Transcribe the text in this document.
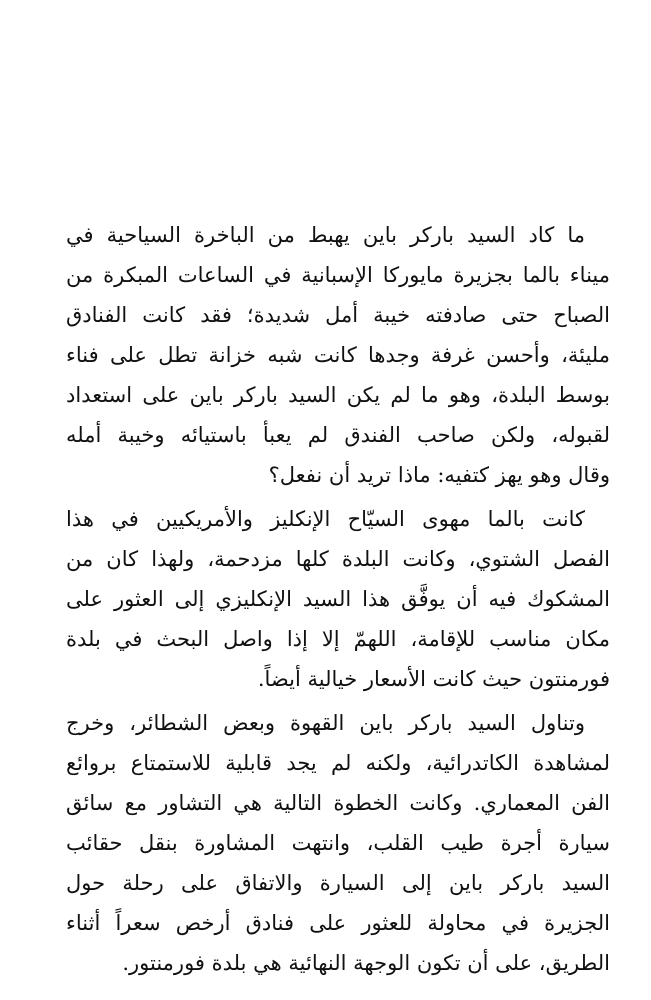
ما كاد السيد باركر باين يهبط من الباخرة السياحية في
ميناء بالما بجزيرة مايوركا الإسبانية في الساعات المبكرة من
الصباح حتى صادفته خيبة أمل شديدة؛ فقد كانت الفنادق
مليئة، وأحسن غرفة وجدها كانت شبه خزانة تطل على فناء
بوسط البلدة، وهو ما لم يكن السيد باركر باين على استعداد
لقبوله، ولكن صاحب الفندق لم يعبأ باستيائه وخيبة أمله
وقال وهو يهز كتفيه: ماذا تريد أن نفعل؟
كانت بالما مهوى السيّاح الإنكليز والأمريكيين في هذا
الفصل الشتوي، وكانت البلدة كلها مزدحمة، ولهذا كان من
المشكوك فيه أن يوفَّق هذا السيد الإنكليزي إلى العثور على
مكان مناسب للإقامة، اللهمّ إلا إذا واصل البحث في بلدة
فورمنتون حيث كانت الأسعار خيالية أيضاً.
وتناول السيد باركر باين القهوة وبعض الشطائر، وخرج
لمشاهدة الكاتدرائية، ولكنه لم يجد قابلية للاستمتاع بروائع
الفن المعماري. وكانت الخطوة التالية هي التشاور مع سائق
سيارة أجرة طيب القلب، وانتهت المشاورة بنقل حقائب
السيد باركر باين إلى السيارة والاتفاق على رحلة حول
الجزيرة في محاولة للعثور على فنادق أرخص سعراً أثناء
الطريق، على أن تكون الوجهة النهائية هي بلدة فورمنتور.
